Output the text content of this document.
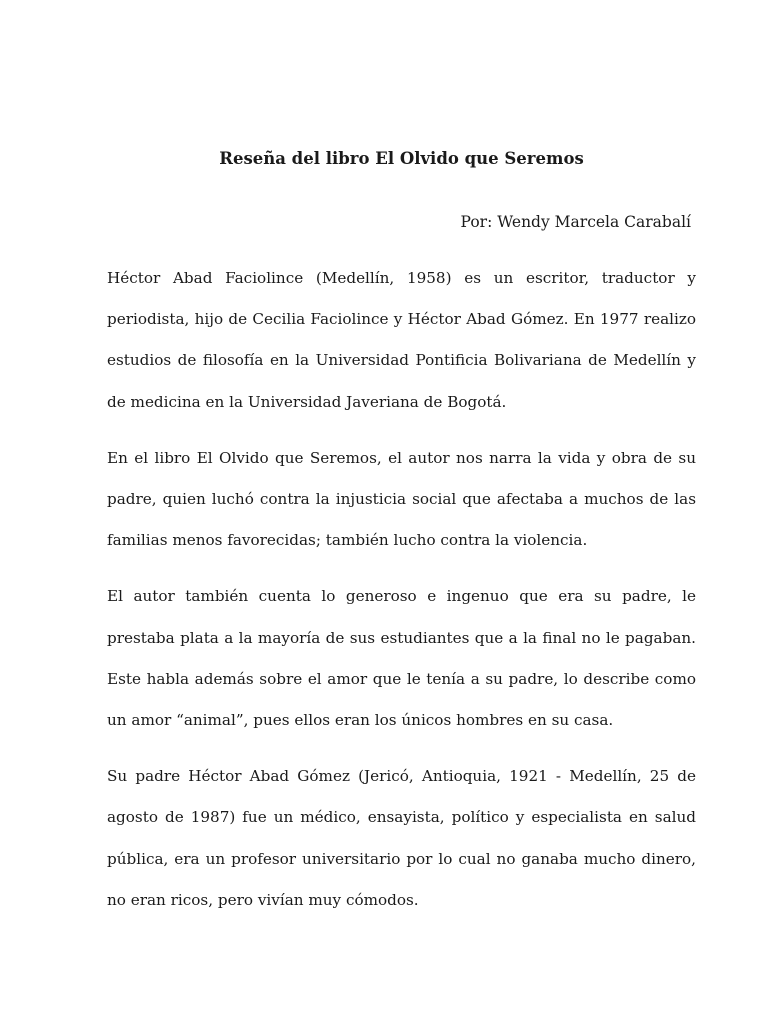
Reseña del libro El Olvido que Seremos

Por: Wendy Marcela Carabalí

Héctor Abad Faciolince (Medellín, 1958) es un escritor, traductor y periodista, hijo de Cecilia Faciolince y Héctor Abad Gómez. En 1977 realizo estudios de filosofía en la Universidad Pontificia Bolivariana de Medellín y de medicina en la Universidad Javeriana de Bogotá.

En el libro El Olvido que Seremos, el autor nos narra la vida y obra de su padre, quien luchó contra la injusticia social que afectaba a muchos de las familias menos favorecidas; también lucho contra la violencia.

El autor también cuenta lo generoso e ingenuo que era su padre, le prestaba plata a la mayoría de sus estudiantes que a la final no le pagaban. Este habla además sobre el amor que le tenía a su padre, lo describe como un amor “animal”, pues ellos eran los únicos hombres en su casa.

Su padre Héctor Abad Gómez (Jericó, Antioquia, 1921 - Medellín, 25 de agosto de 1987) fue un médico, ensayista, político y especialista en salud pública, era un profesor universitario por lo cual no ganaba mucho dinero, no eran ricos, pero vivían muy cómodos.
